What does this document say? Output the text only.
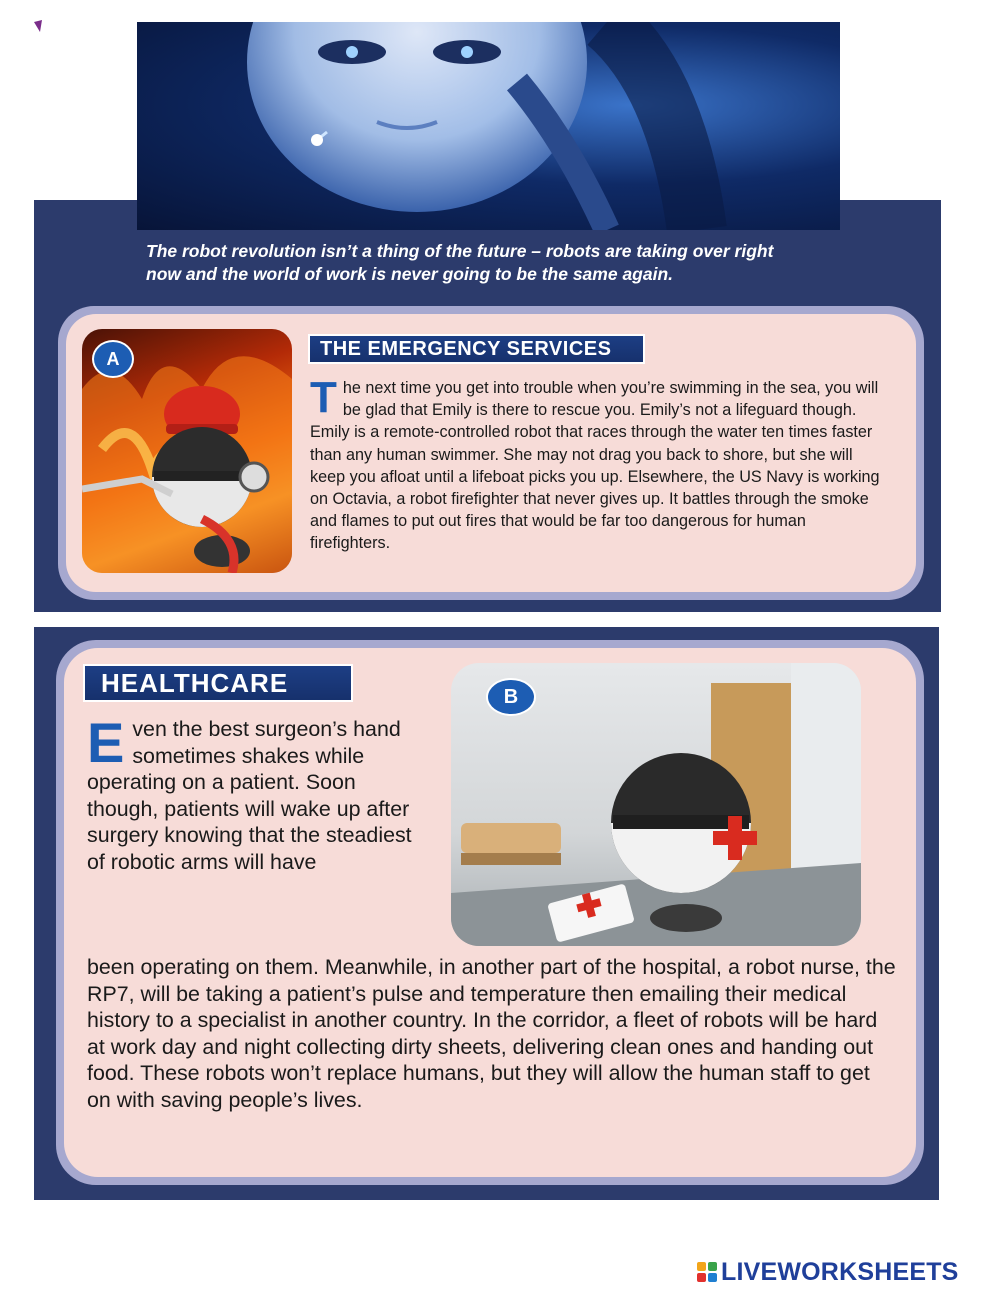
The robot revolution isn’t a thing of the future – robots are taking over right
now and the world of work is never going to be the same again.
A	THE EMERGENCY SERVICES

The next time you get into trouble when you’re swimming in the sea, you will be glad that Emily is there to rescue you. Emily’s not a lifeguard though. Emily is a remote-controlled robot that races through the water ten times faster than any human swimmer. She may not drag you back to shore, but she will keep you afloat until a lifeboat picks you up. Elsewhere, the US Navy is working on Octavia, a robot firefighter that never gives up. It battles through the smoke and flames to put out fires that would be far too dangerous for human firefighters.

HEALTHCARE	B

Even the best surgeon’s hand sometimes shakes while operating on a patient. Soon though, patients will wake up after surgery knowing that the steadiest of robotic arms will have

been operating on them. Meanwhile, in another part of the hospital, a robot nurse, the RP7, will be taking a patient’s pulse and temperature then emailing their medical history to a specialist in another country. In the corridor, a fleet of robots will be hard at work day and night collecting dirty sheets, delivering clean ones and handing out food. These robots won’t replace humans, but they will allow the human staff to get on with saving people’s lives.

LIVEWORKSHEETS
